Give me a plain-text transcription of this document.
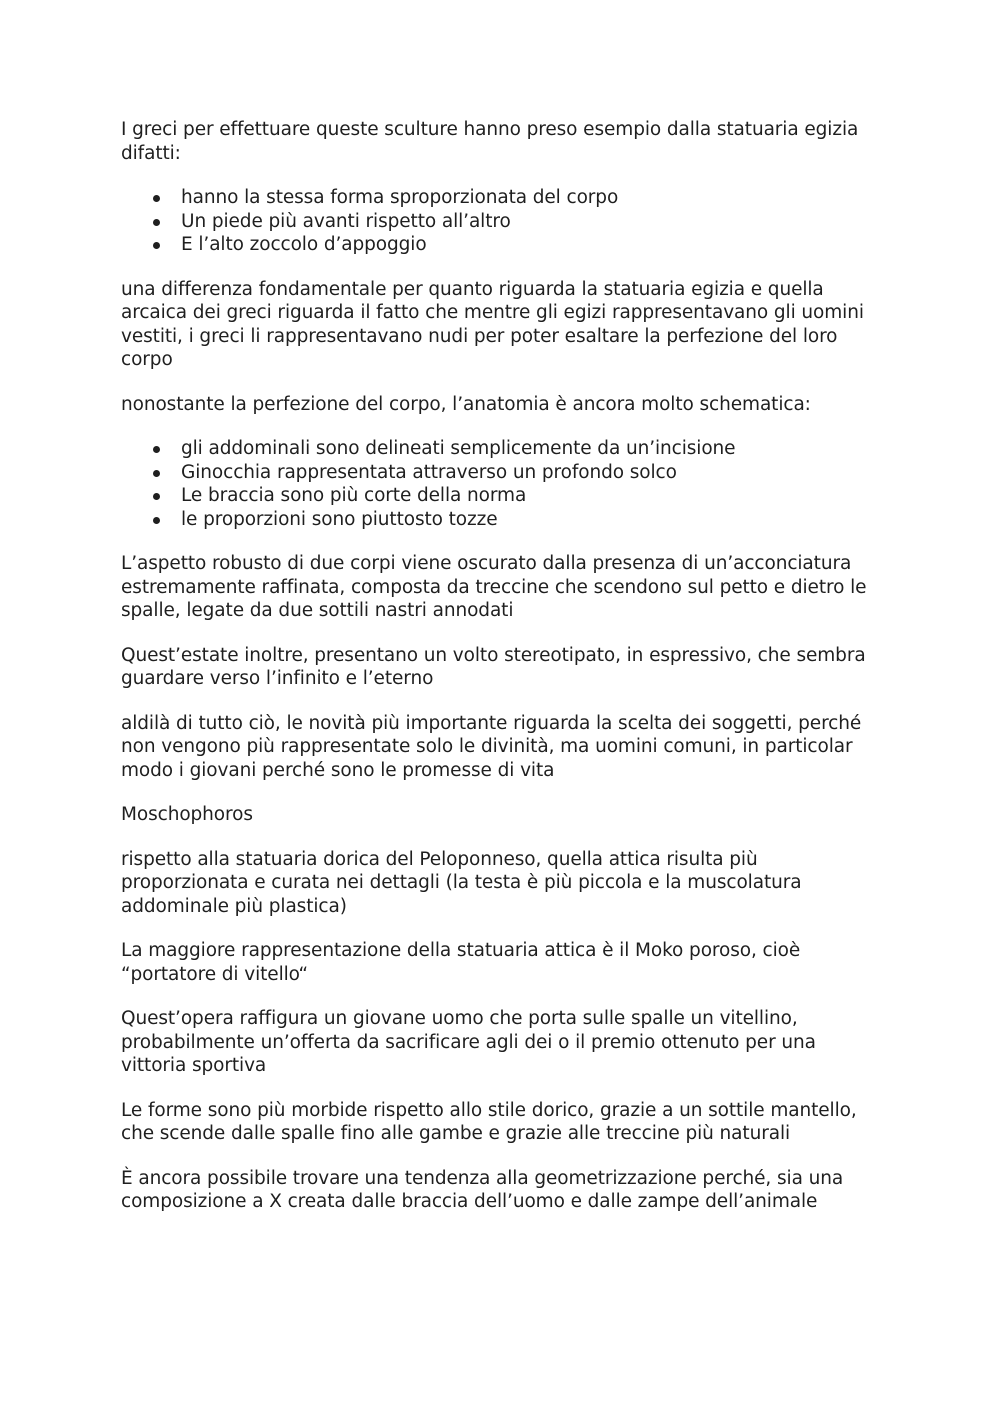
I greci per effettuare queste sculture hanno preso esempio dalla statuaria egizia difatti:

hanno la stessa forma sproporzionata del corpo
Un piede più avanti rispetto all’altro
E l’alto zoccolo d’appoggio

una differenza fondamentale per quanto riguarda la statuaria egizia e quella arcaica dei greci riguarda il fatto che mentre gli egizi rappresentavano gli uomini vestiti, i greci li rappresentavano nudi per poter esaltare la perfezione del loro corpo

nonostante la perfezione del corpo, l’anatomia è ancora molto schematica:

gli addominali sono delineati semplicemente da un’incisione
Ginocchia rappresentata attraverso un profondo solco
Le braccia sono più corte della norma
le proporzioni sono piuttosto tozze

L’aspetto robusto di due corpi viene oscurato dalla presenza di un’acconciatura estremamente raffinata, composta da treccine che scendono sul petto e dietro le spalle, legate da due sottili nastri annodati

Quest’estate inoltre, presentano un volto stereotipato, in espressivo, che sembra guardare verso l’infinito e l’eterno

aldilà di tutto ciò, le novità più importante riguarda la scelta dei soggetti, perché non vengono più rappresentate solo le divinità, ma uomini comuni, in particolar modo i giovani perché sono le promesse di vita

Moschophoros

rispetto alla statuaria dorica del Peloponneso, quella attica risulta più proporzionata e curata nei dettagli (la testa è più piccola e la muscolatura addominale più plastica)

La maggiore rappresentazione della statuaria attica è il Moko poroso, cioè “portatore di vitello“

Quest’opera raffigura un giovane uomo che porta sulle spalle un vitellino, probabilmente un’offerta da sacrificare agli dei o il premio ottenuto per una vittoria sportiva

Le forme sono più morbide rispetto allo stile dorico, grazie a un sottile mantello, che scende dalle spalle fino alle gambe e grazie alle treccine più naturali

È ancora possibile trovare una tendenza alla geometrizzazione perché, sia una composizione a X creata dalle braccia dell’uomo e dalle zampe dell’animale
